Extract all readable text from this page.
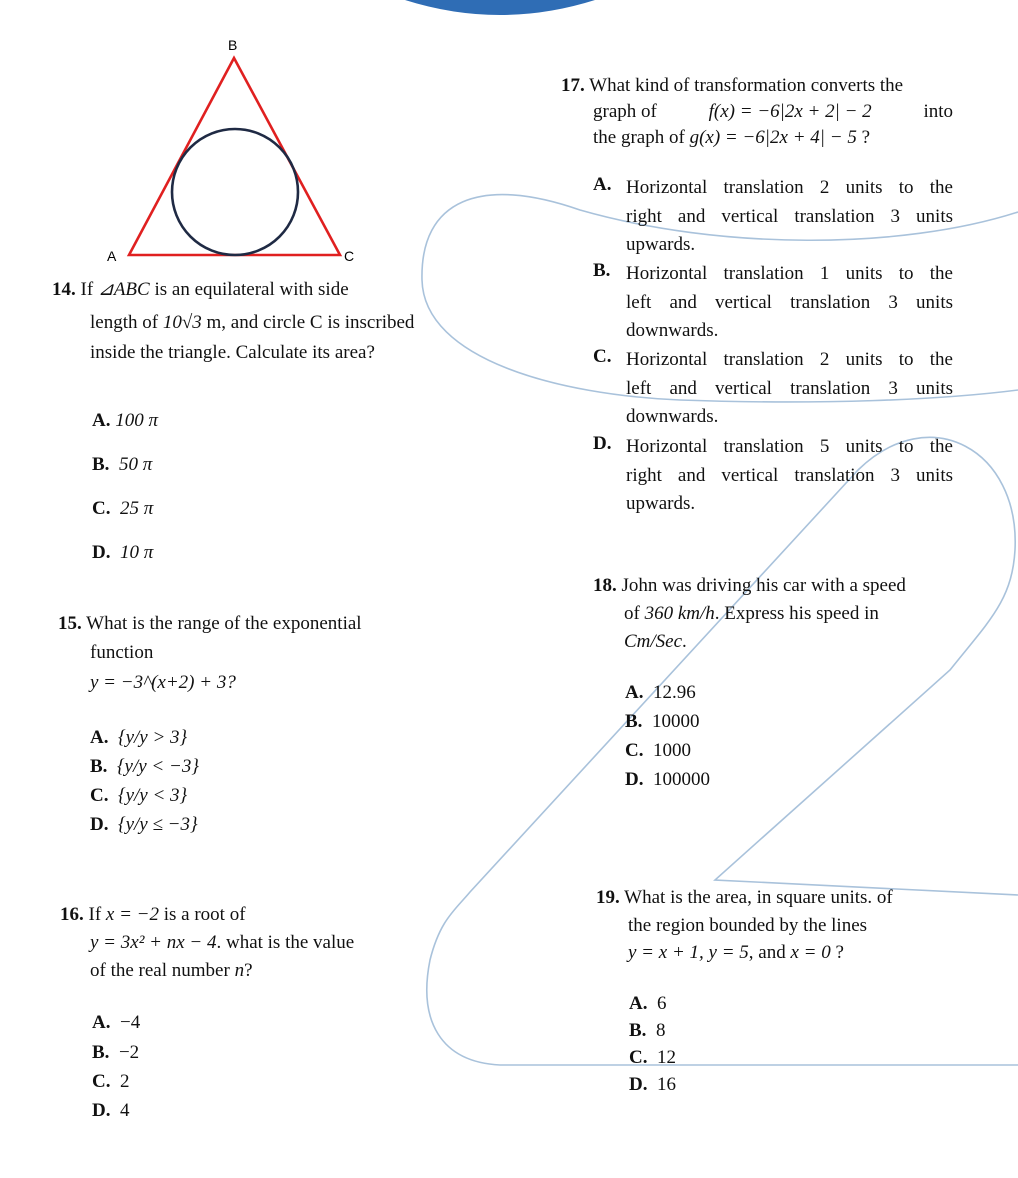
B
A	C
14. If ⊿ABC is an equilateral with side
length of 10√3 m, and circle C is inscribed
inside the triangle. Calculate its area?
A. 100 π
B. 50 π
C. 25 π
D. 10 π
15. What is the range of the exponential
function
y = −3^(x+2) + 3?
A. {y/y > 3}
B. {y/y < −3}
C. {y/y < 3}
D. {y/y ≤ −3}
16. If x = −2 is a root of
y = 3x² + nx − 4. what is the value
of the real number n?
A. −4
B. −2
C. 2
D. 4
17. What kind of transformation converts the
graph of	f(x) = −6|2x + 2| − 2	into
the graph of g(x) = −6|2x + 4| − 5 ?
A. Horizontal translation 2 units to the
right and vertical translation 3 units
upwards.
B. Horizontal translation 1 units to the
left and vertical translation 3 units
downwards.
C. Horizontal translation 2 units to the
left and vertical translation 3 units
downwards.
D. Horizontal translation 5 units to the
right and vertical translation 3 units
upwards.
18. John was driving his car with a speed
of 360 km/h. Express his speed in
Cm/Sec.
A. 12.96
B. 10000
C. 1000
D. 100000
19. What is the area, in square units. of
the region bounded by the lines
y = x + 1, y = 5, and x = 0 ?
A. 6
B. 8
C. 12
D. 16
